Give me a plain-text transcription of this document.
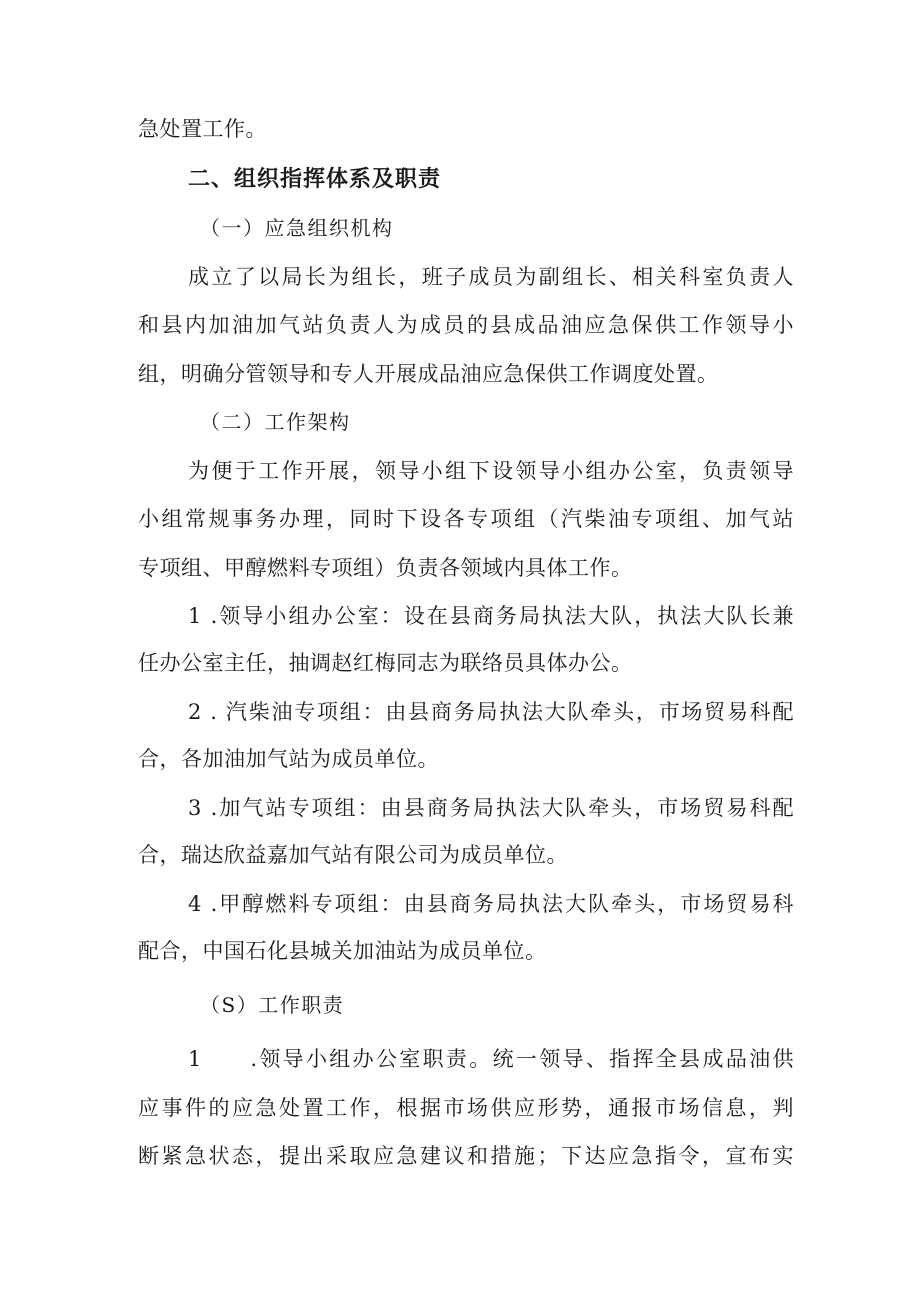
急处置工作。
二、组织指挥体系及职责
（一）应急组织机构
成立了以局长为组长，班子成员为副组长、相关科室负责人
和县内加油加气站负责人为成员的县成品油应急保供工作领导小
组，明确分管领导和专人开展成品油应急保供工作调度处置。
（二）工作架构
为便于工作开展，领导小组下设领导小组办公室，负责领导
小组常规事务办理，同时下设各专项组（汽柴油专项组、加气站
专项组、甲醇燃料专项组）负责各领域内具体工作。
1 .领导小组办公室：设在县商务局执法大队，执法大队长兼
任办公室主任，抽调赵红梅同志为联络员具体办公。
2 . 汽柴油专项组：由县商务局执法大队牵头，市场贸易科配
合，各加油加气站为成员单位。
3 .加气站专项组：由县商务局执法大队牵头，市场贸易科配
合，瑞达欣益嘉加气站有限公司为成员单位。
4 .甲醇燃料专项组：由县商务局执法大队牵头，市场贸易科
配合，中国石化县城关加油站为成员单位。
（S）工作职责
1　　.领导小组办公室职责。统一领导、指挥全县成品油供
应事件的应急处置工作，根据市场供应形势，通报市场信息，判
断紧急状态，提出采取应急建议和措施；下达应急指令，宣布实
